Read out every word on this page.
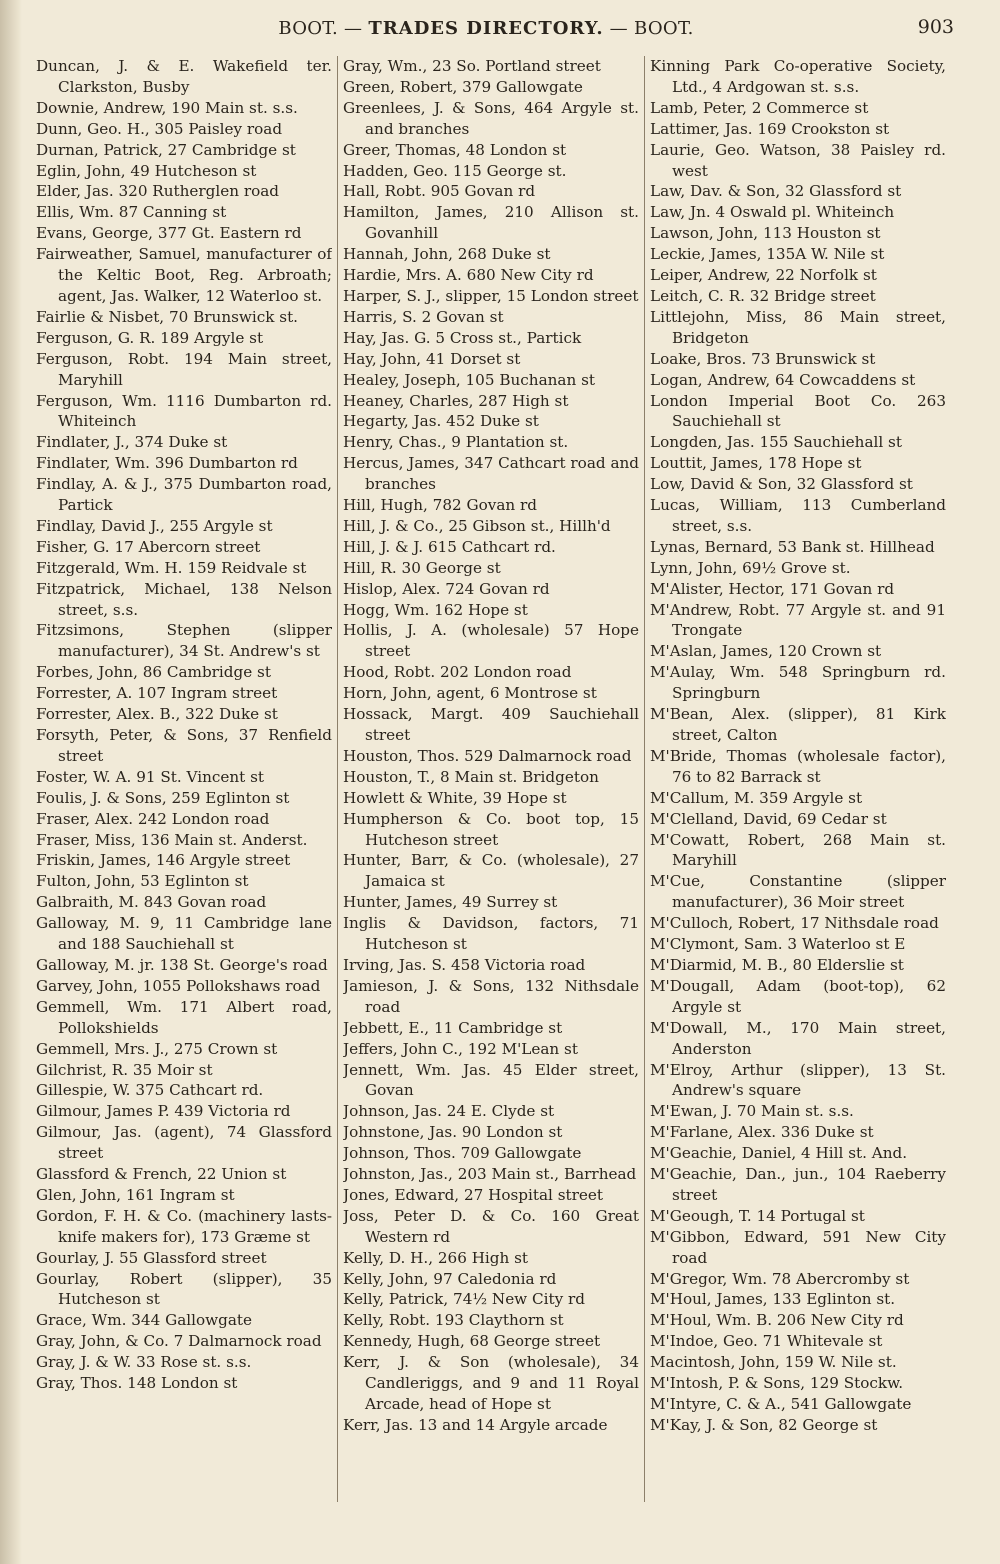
BOOT. — TRADES DIRECTORY. — BOOT.	903
Duncan, J. & E. Wakefield ter. Clarkston, Busby
Downie, Andrew, 190 Main st. s.s.
Dunn, Geo. H., 305 Paisley road
Durnan, Patrick, 27 Cambridge st
Eglin, John, 49 Hutcheson st
Elder, Jas. 320 Rutherglen road
Ellis, Wm. 87 Canning st
Evans, George, 377 Gt. Eastern rd
Fairweather, Samuel, manufacturer of the Keltic Boot, Reg. Arbroath; agent, Jas. Walker, 12 Waterloo st.
Fairlie & Nisbet, 70 Brunswick st.
Ferguson, G. R. 189 Argyle st
Ferguson, Robt. 194 Main street, Maryhill
Ferguson, Wm. 1116 Dumbarton rd. Whiteinch
Findlater, J., 374 Duke st
Findlater, Wm. 396 Dumbarton rd
Findlay, A. & J., 375 Dumbarton road, Partick
Findlay, David J., 255 Argyle st
Fisher, G. 17 Abercorn street
Fitzgerald, Wm. H. 159 Reidvale st
Fitzpatrick, Michael, 138 Nelson street, s.s.
Fitzsimons, Stephen (slipper manufacturer), 34 St. Andrew's st
Forbes, John, 86 Cambridge st
Forrester, A. 107 Ingram street
Forrester, Alex. B., 322 Duke st
Forsyth, Peter, & Sons, 37 Renfield street
Foster, W. A. 91 St. Vincent st
Foulis, J. & Sons, 259 Eglinton st
Fraser, Alex. 242 London road
Fraser, Miss, 136 Main st. Anderst.
Friskin, James, 146 Argyle street
Fulton, John, 53 Eglinton st
Galbraith, M. 843 Govan road
Galloway, M. 9, 11 Cambridge lane and 188 Sauchiehall st
Galloway, M. jr. 138 St. George's road
Garvey, John, 1055 Pollokshaws road
Gemmell, Wm. 171 Albert road, Pollokshields
Gemmell, Mrs. J., 275 Crown st
Gilchrist, R. 35 Moir st
Gillespie, W. 375 Cathcart rd.
Gilmour, James P. 439 Victoria rd
Gilmour, Jas. (agent), 74 Glassford street
Glassford & French, 22 Union st
Glen, John, 161 Ingram st
Gordon, F. H. & Co. (machinery lasts-knife makers for), 173 Græme st
Gourlay, J. 55 Glassford street
Gourlay, Robert (slipper), 35 Hutcheson st
Grace, Wm. 344 Gallowgate
Gray, John, & Co. 7 Dalmarnock road
Gray, J. & W. 33 Rose st. s.s.
Gray, Thos. 148 London st
Gray, Wm., 23 So. Portland street
Green, Robert, 379 Gallowgate
Greenlees, J. & Sons, 464 Argyle st. and branches
Greer, Thomas, 48 London st
Hadden, Geo. 115 George st.
Hall, Robt. 905 Govan rd
Hamilton, James, 210 Allison st. Govanhill
Hannah, John, 268 Duke st
Hardie, Mrs. A. 680 New City rd
Harper, S. J., slipper, 15 London street
Harris, S. 2 Govan st
Hay, Jas. G. 5 Cross st., Partick
Hay, John, 41 Dorset st
Healey, Joseph, 105 Buchanan st
Heaney, Charles, 287 High st
Hegarty, Jas. 452 Duke st
Henry, Chas., 9 Plantation st.
Hercus, James, 347 Cathcart road and branches
Hill, Hugh, 782 Govan rd
Hill, J. & Co., 25 Gibson st., Hillh'd
Hill, J. & J. 615 Cathcart rd.
Hill, R. 30 George st
Hislop, Alex. 724 Govan rd
Hogg, Wm. 162 Hope st
Hollis, J. A. (wholesale) 57 Hope street
Hood, Robt. 202 London road
Horn, John, agent, 6 Montrose st
Hossack, Margt. 409 Sauchiehall street
Houston, Thos. 529 Dalmarnock road
Houston, T., 8 Main st. Bridgeton
Howlett & White, 39 Hope st
Humpherson & Co. boot top, 15 Hutcheson street
Hunter, Barr, & Co. (wholesale), 27 Jamaica st
Hunter, James, 49 Surrey st
Inglis & Davidson, factors, 71 Hutcheson st
Irving, Jas. S. 458 Victoria road
Jamieson, J. & Sons, 132 Nithsdale road
Jebbett, E., 11 Cambridge st
Jeffers, John C., 192 M'Lean st
Jennett, Wm. Jas. 45 Elder street, Govan
Johnson, Jas. 24 E. Clyde st
Johnstone, Jas. 90 London st
Johnson, Thos. 709 Gallowgate
Johnston, Jas., 203 Main st., Barrhead
Jones, Edward, 27 Hospital street
Joss, Peter D. & Co. 160 Great Western rd
Kelly, D. H., 266 High st
Kelly, John, 97 Caledonia rd
Kelly, Patrick, 74½ New City rd
Kelly, Robt. 193 Claythorn st
Kennedy, Hugh, 68 George street
Kerr, J. & Son (wholesale), 34 Candleriggs, and 9 and 11 Royal Arcade, head of Hope st
Kerr, Jas. 13 and 14 Argyle arcade
Kinning Park Co-operative Society, Ltd., 4 Ardgowan st. s.s.
Lamb, Peter, 2 Commerce st
Lattimer, Jas. 169 Crookston st
Laurie, Geo. Watson, 38 Paisley rd. west
Law, Dav. & Son, 32 Glassford st
Law, Jn. 4 Oswald pl. Whiteinch
Lawson, John, 113 Houston st
Leckie, James, 135A W. Nile st
Leiper, Andrew, 22 Norfolk st
Leitch, C. R. 32 Bridge street
Littlejohn, Miss, 86 Main street, Bridgeton
Loake, Bros. 73 Brunswick st
Logan, Andrew, 64 Cowcaddens st
London Imperial Boot Co. 263 Sauchiehall st
Longden, Jas. 155 Sauchiehall st
Louttit, James, 178 Hope st
Low, David & Son, 32 Glassford st
Lucas, William, 113 Cumberland street, s.s.
Lynas, Bernard, 53 Bank st. Hillhead
Lynn, John, 69½ Grove st.
M'Alister, Hector, 171 Govan rd
M'Andrew, Robt. 77 Argyle st. and 91 Trongate
M'Aslan, James, 120 Crown st
M'Aulay, Wm. 548 Springburn rd. Springburn
M'Bean, Alex. (slipper), 81 Kirk street, Calton
M'Bride, Thomas (wholesale factor), 76 to 82 Barrack st
M'Callum, M. 359 Argyle st
M'Clelland, David, 69 Cedar st
M'Cowatt, Robert, 268 Main st. Maryhill
M'Cue, Constantine (slipper manufacturer), 36 Moir street
M'Culloch, Robert, 17 Nithsdale road
M'Clymont, Sam. 3 Waterloo st E
M'Diarmid, M. B., 80 Elderslie st
M'Dougall, Adam (boot-top), 62 Argyle st
M'Dowall, M., 170 Main street, Anderston
M'Elroy, Arthur (slipper), 13 St. Andrew's square
M'Ewan, J. 70 Main st. s.s.
M'Farlane, Alex. 336 Duke st
M'Geachie, Daniel, 4 Hill st. And.
M'Geachie, Dan., jun., 104 Raeberry street
M'Geough, T. 14 Portugal st
M'Gibbon, Edward, 591 New City road
M'Gregor, Wm. 78 Abercromby st
M'Houl, James, 133 Eglinton st.
M'Houl, Wm. B. 206 New City rd
M'Indoe, Geo. 71 Whitevale st
Macintosh, John, 159 W. Nile st.
M'Intosh, P. & Sons, 129 Stockw.
M'Intyre, C. & A., 541 Gallowgate
M'Kay, J. & Son, 82 George st
